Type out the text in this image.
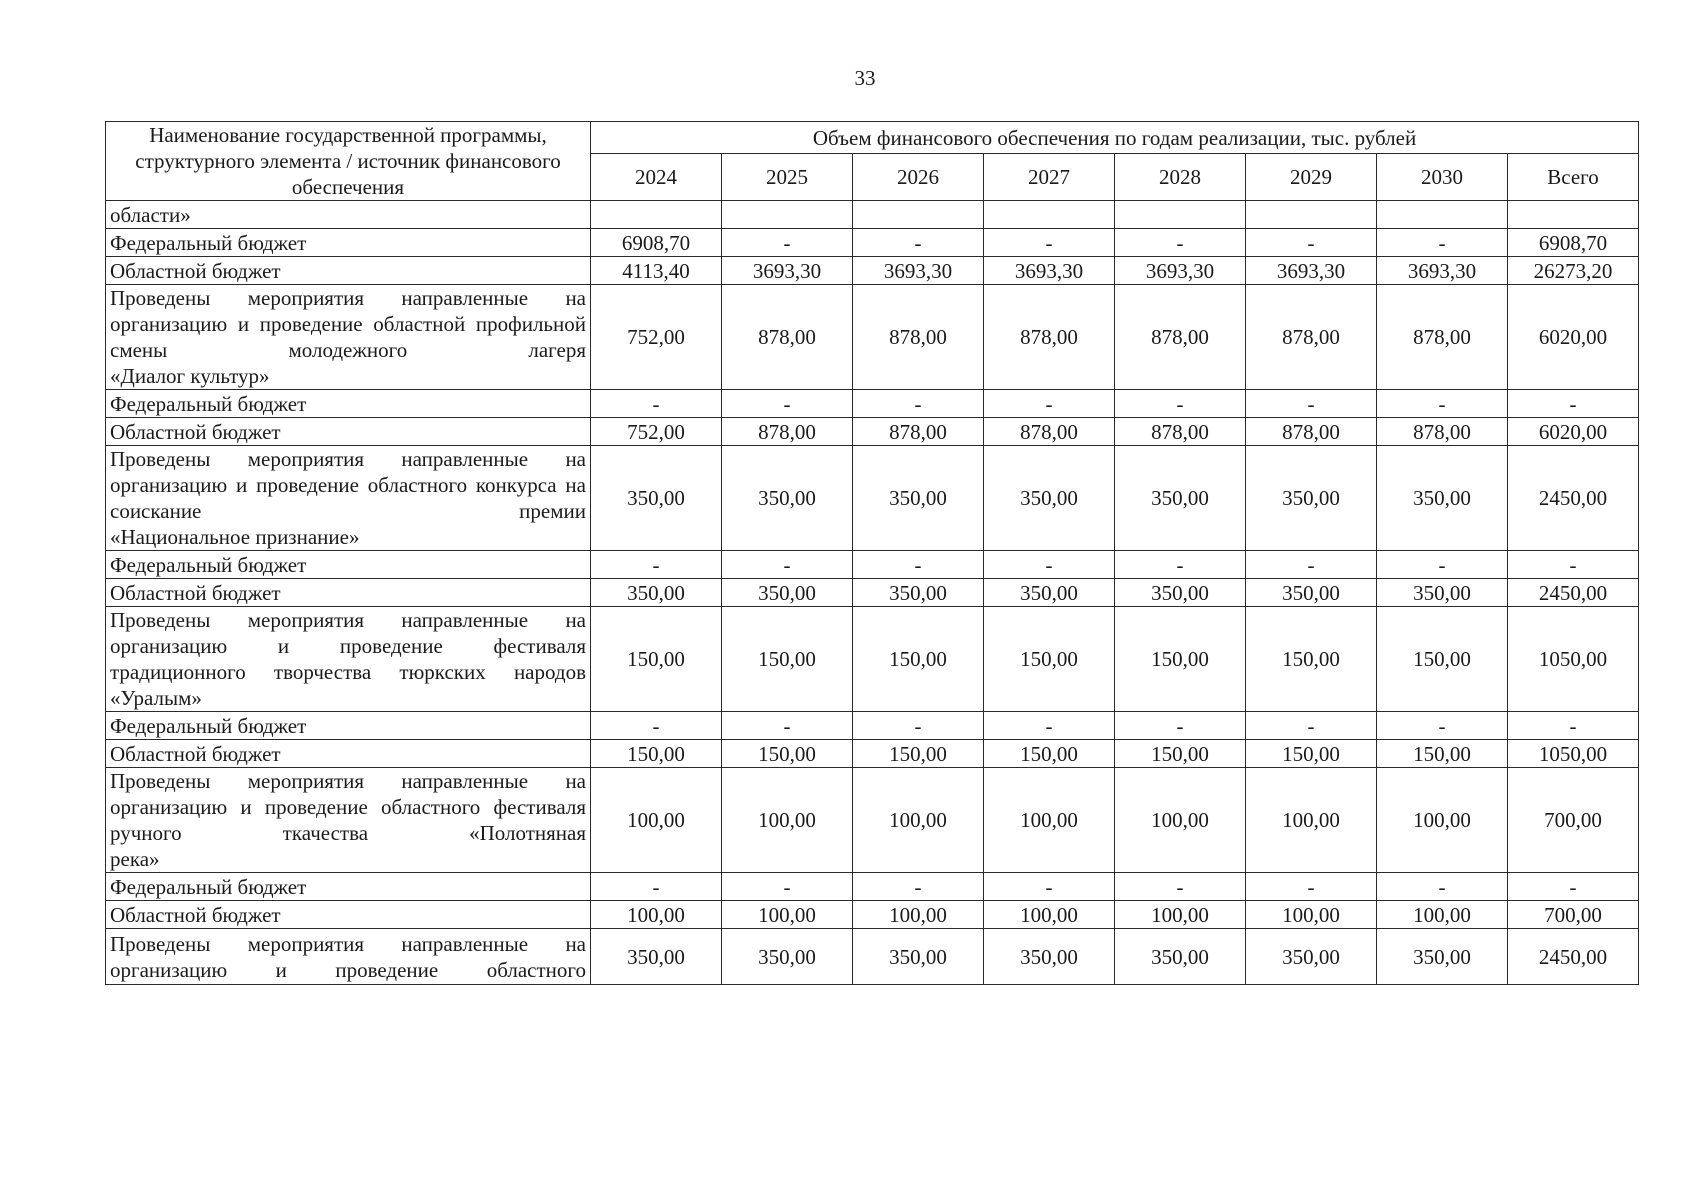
33
Наименование государственной программы, структурного элемента / источник финансового обеспечения	Объем финансового обеспечения по годам реализации, тыс. рублей							
	2024	2025	2026	2027	2028	2029	2030	Всего
области»								
Федеральный бюджет	6908,70	-	-	-	-	-	-	6908,70
Областной бюджет	4113,40	3693,30	3693,30	3693,30	3693,30	3693,30	3693,30	26273,20
Проведены мероприятия направленные на организацию и проведение областной профильной смены молодежного лагеря
«Диалог культур»	752,00	878,00	878,00	878,00	878,00	878,00	878,00	6020,00
Федеральный бюджет	-	-	-	-	-	-	-	-
Областной бюджет	752,00	878,00	878,00	878,00	878,00	878,00	878,00	6020,00
Проведены мероприятия направленные на организацию и проведение областного конкурса на соискание премии
«Национальное признание»	350,00	350,00	350,00	350,00	350,00	350,00	350,00	2450,00
Федеральный бюджет	-	-	-	-	-	-	-	-
Областной бюджет	350,00	350,00	350,00	350,00	350,00	350,00	350,00	2450,00
Проведены мероприятия направленные на организацию и проведение фестиваля традиционного творчества тюркских народов
«Уралым»	150,00	150,00	150,00	150,00	150,00	150,00	150,00	1050,00
Федеральный бюджет	-	-	-	-	-	-	-	-
Областной бюджет	150,00	150,00	150,00	150,00	150,00	150,00	150,00	1050,00
Проведены мероприятия направленные на организацию и проведение областного фестиваля ручного ткачества «Полотняная
река»	100,00	100,00	100,00	100,00	100,00	100,00	100,00	700,00
Федеральный бюджет	-	-	-	-	-	-	-	-
Областной бюджет	100,00	100,00	100,00	100,00	100,00	100,00	100,00	700,00
Проведены мероприятия направленные на организацию и проведение областного	350,00	350,00	350,00	350,00	350,00	350,00	350,00	2450,00
